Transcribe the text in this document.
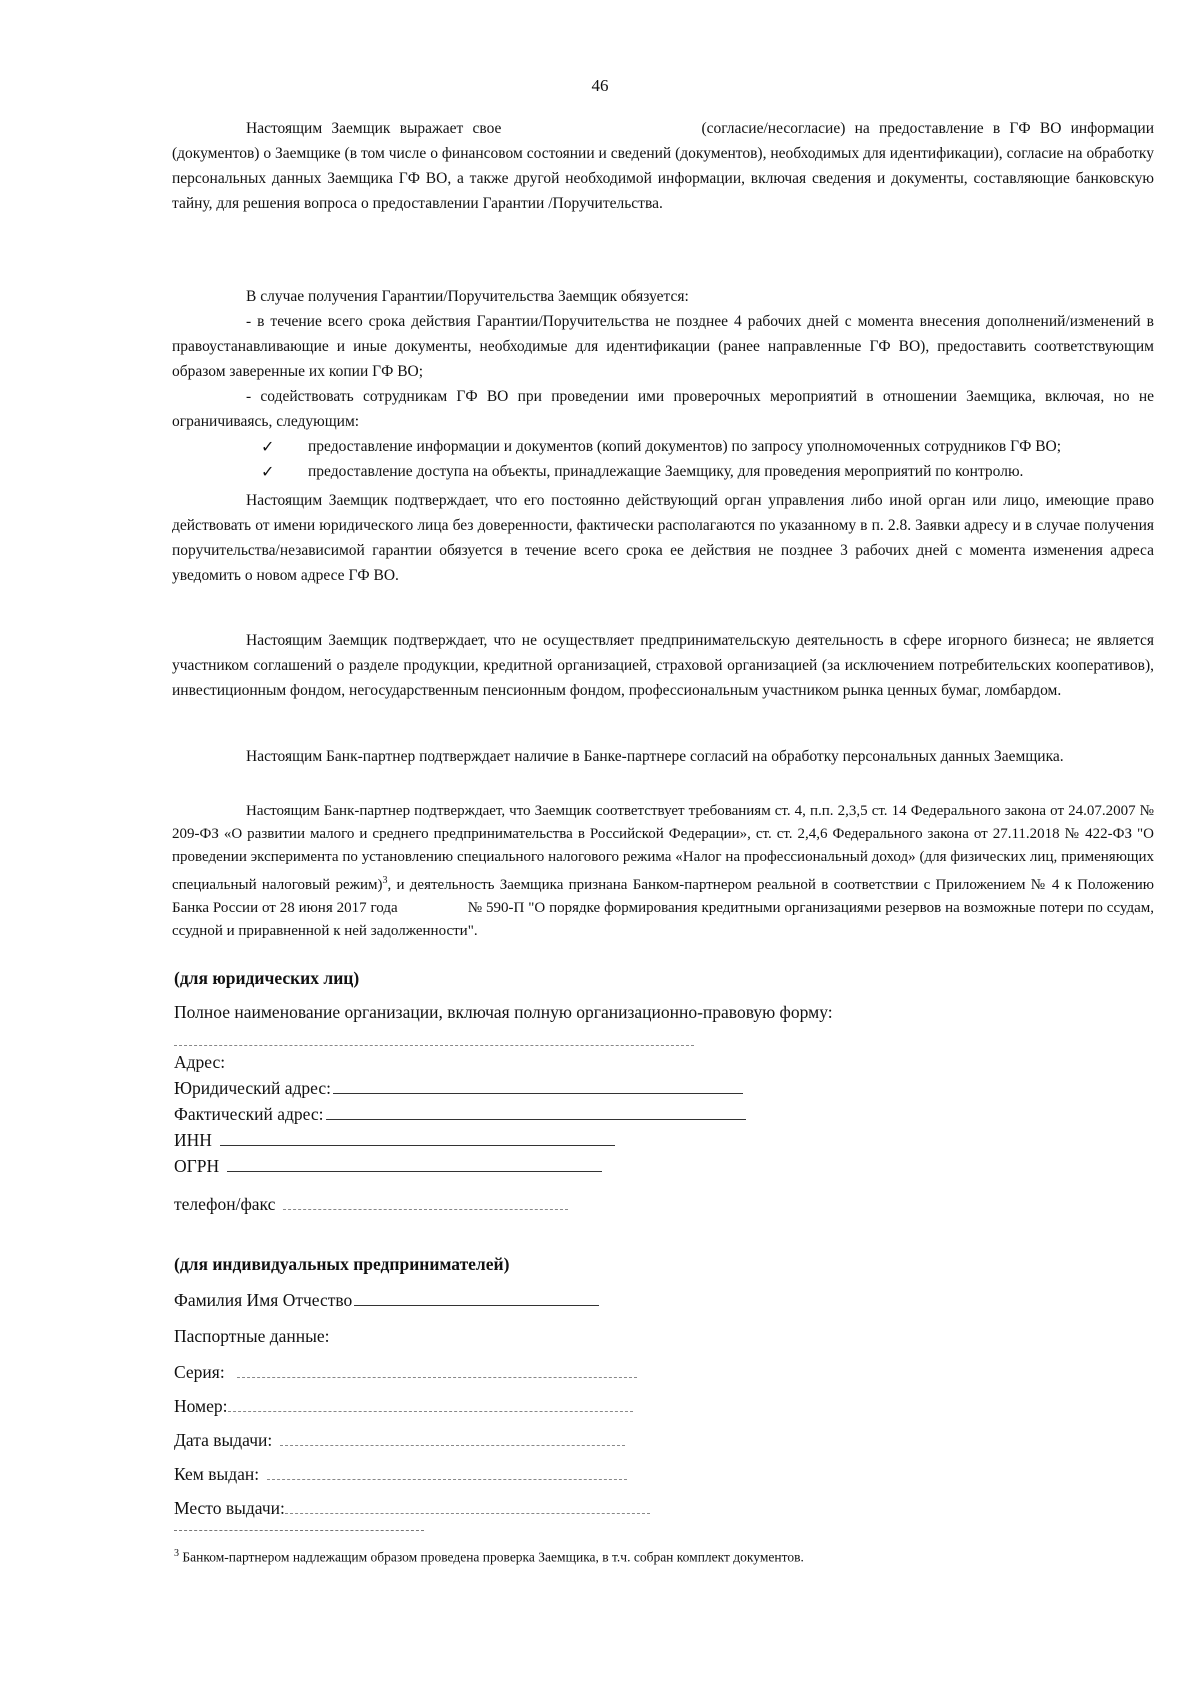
46

Настоящим Заемщик выражает свое	(согласие/несогласие) на предоставление в ГФ ВО информации (документов) о Заемщике (в том числе о финансовом состоянии и сведений (документов), необходимых для идентификации), согласие на обработку персональных данных Заемщика ГФ ВО, а также другой необходимой информации, включая сведения и документы, составляющие банковскую тайну, для решения вопроса о предоставлении Гарантии /Поручительства.

В случае получения Гарантии/Поручительства Заемщик обязуется:

- в течение всего срока действия Гарантии/Поручительства не позднее 4 рабочих дней с момента внесения дополнений/изменений в правоустанавливающие и иные документы, необходимые для идентификации (ранее направленные ГФ ВО), предоставить соответствующим образом заверенные их копии ГФ ВО;

- содействовать сотрудникам ГФ ВО при проведении ими проверочных мероприятий в отношении Заемщика, включая, но не ограничиваясь, следующим:

✓ предоставление информации и документов (копий документов) по запросу уполномоченных сотрудников ГФ ВО;
✓ предоставление доступа на объекты, принадлежащие Заемщику, для проведения мероприятий по контролю.

Настоящим Заемщик подтверждает, что его постоянно действующий орган управления либо иной орган или лицо, имеющие право действовать от имени юридического лица без доверенности, фактически располагаются по указанному в п. 2.8. Заявки адресу и в случае получения поручительства/независимой гарантии обязуется в течение всего срока ее действия не позднее 3 рабочих дней с момента изменения адреса уведомить о новом адресе ГФ ВО.

Настоящим Заемщик подтверждает, что не осуществляет предпринимательскую деятельность в сфере игорного бизнеса; не является участником соглашений о разделе продукции, кредитной организацией, страховой организацией (за исключением потребительских кооперативов), инвестиционным фондом, негосударственным пенсионным фондом, профессиональным участником рынка ценных бумаг, ломбардом.

Настоящим Банк-партнер подтверждает наличие в Банке-партнере согласий на обработку персональных данных Заемщика.

Настоящим Банк-партнер подтверждает, что Заемщик соответствует требованиям ст. 4, п.п. 2,3,5 ст. 14 Федерального закона от 24.07.2007 № 209-ФЗ «О развитии малого и среднего предпринимательства в Российской Федерации», ст. ст. 2,4,6 Федерального закона от 27.11.2018 № 422-ФЗ "О проведении эксперимента по установлению специального налогового режима «Налог на профессиональный доход» (для физических лиц, применяющих специальный налоговый режим)$^3$, и деятельность Заемщика признана Банком-партнером реальной в соответствии с Приложением № 4 к Положению Банка России от 28 июня 2017 года	№ 590-П "О порядке формирования кредитными организациями резервов на возможные потери по ссудам, ссудной и приравненной к ней задолженности".

(для юридических лиц)
Полное наименование организации, включая полную организационно-правовую форму:
Адрес:
Юридический адрес:
Фактический адрес:
ИНН
ОГРН
телефон/факс
(для индивидуальных предпринимателей)
Фамилия Имя Отчество
Паспортные данные:
Серия:
Номер:
Дата выдачи:
Кем выдан:
Место выдачи:
$^3$ Банком-партнером надлежащим образом проведена проверка Заемщика, в т.ч. собран комплект документов.
